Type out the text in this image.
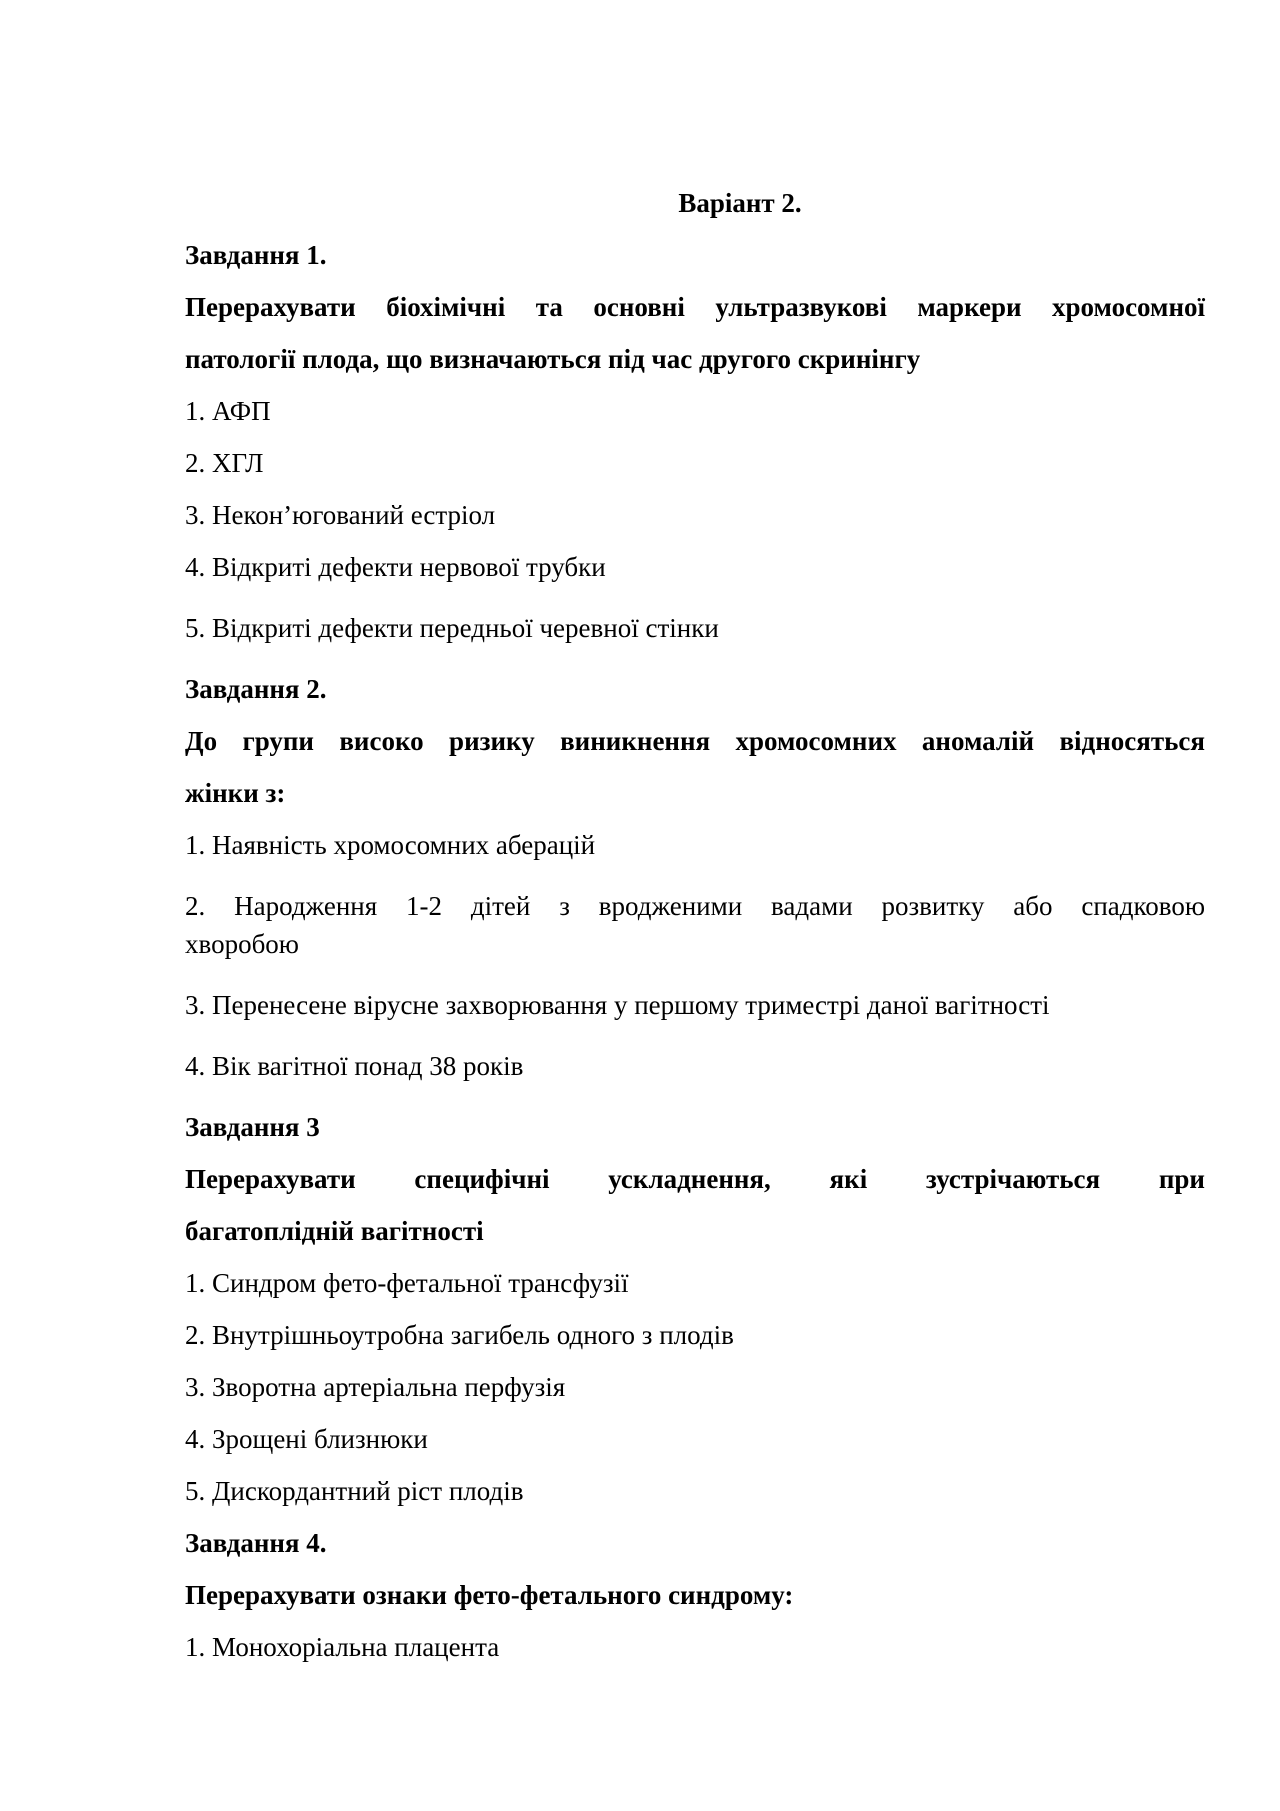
Варіант 2.

Завдання 1.

Перерахувати біохімічні та основні ультразвукові маркери хромосомної

патології плода, що визначаються під час другого скринінгу

1. АФП

2. ХГЛ

3. Некон’югований естріол

4. Відкриті дефекти нервової трубки

5. Відкриті дефекти передньої черевної стінки

Завдання 2.

До групи високо ризику виникнення хромосомних аномалій відносяться

жінки з:

1. Наявність хромосомних аберацій

2. Народження 1-2 дітей з вродженими вадами розвитку або спадковою

хворобою

3. Перенесене вірусне захворювання у першому триместрі даної вагітності

4. Вік вагітної понад 38 років

Завдання 3

Перерахувати специфічні ускладнення, які зустрічаються при

багатоплідній вагітності

1. Синдром фето-фетальної трансфузії

2. Внутрішньоутробна загибель одного з плодів

3. Зворотна артеріальна перфузія

4. Зрощені близнюки

5. Дискордантний ріст плодів

Завдання 4.

Перерахувати ознаки фето-фетального синдрому:

1. Монохоріальна плацента
